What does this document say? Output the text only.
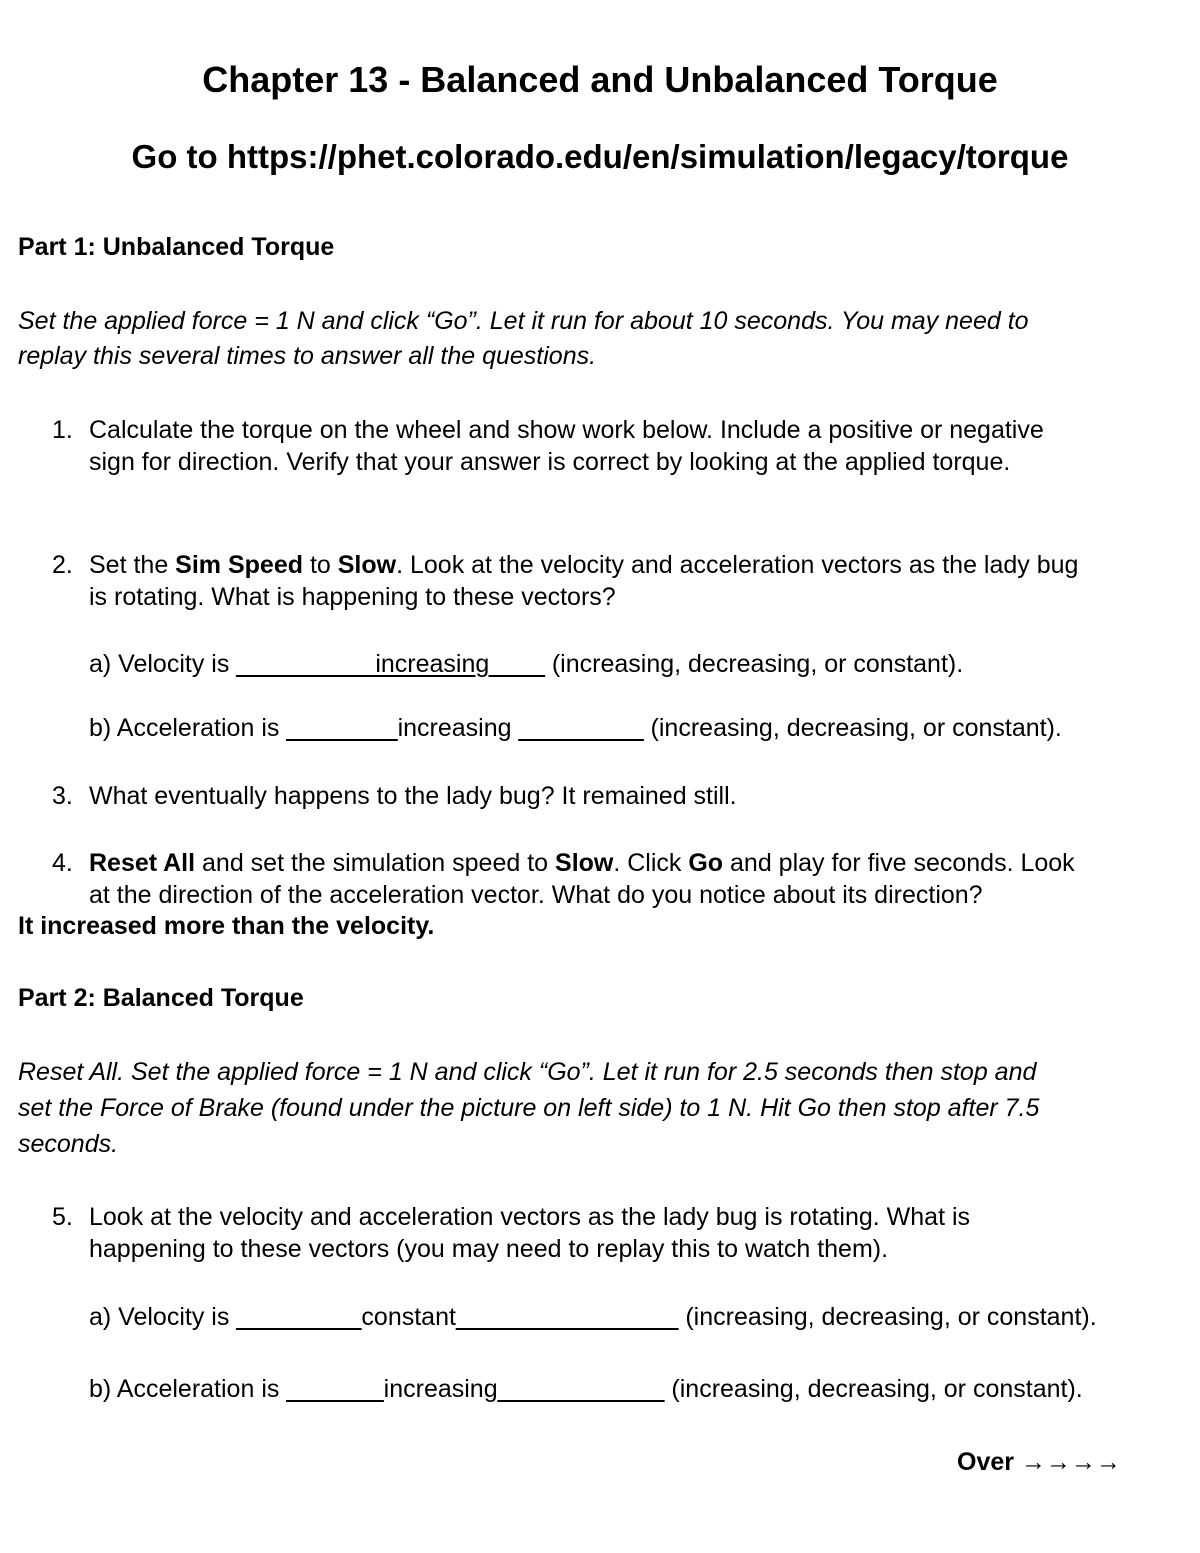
Chapter 13 - Balanced and Unbalanced Torque
Go to https://phet.colorado.edu/en/simulation/legacy/torque
Part 1: Unbalanced Torque
Set the applied force = 1 N and click “Go”. Let it run for about 10 seconds. You may need to
replay this several times to answer all the questions.
1. Calculate the torque on the wheel and show work below. Include a positive or negative
sign for direction. Verify that your answer is correct by looking at the applied torque.
2. Set the Sim Speed to Slow. Look at the velocity and acceleration vectors as the lady bug
is rotating. What is happening to these vectors?
a) Velocity is __________increasing____ (increasing, decreasing, or constant).
b) Acceleration is ________increasing _________ (increasing, decreasing, or constant).
3. What eventually happens to the lady bug? It remained still.
4. Reset All and set the simulation speed to Slow. Click Go and play for five seconds. Look
at the direction of the acceleration vector. What do you notice about its direction?
It increased more than the velocity.
Part 2: Balanced Torque
Reset All. Set the applied force = 1 N and click “Go”. Let it run for 2.5 seconds then stop and
set the Force of Brake (found under the picture on left side) to 1 N. Hit Go then stop after 7.5
seconds.
5. Look at the velocity and acceleration vectors as the lady bug is rotating. What is
happening to these vectors (you may need to replay this to watch them).
a) Velocity is _________constant________________ (increasing, decreasing, or constant).
b) Acceleration is _______increasing____________ (increasing, decreasing, or constant).
Over →→→→
